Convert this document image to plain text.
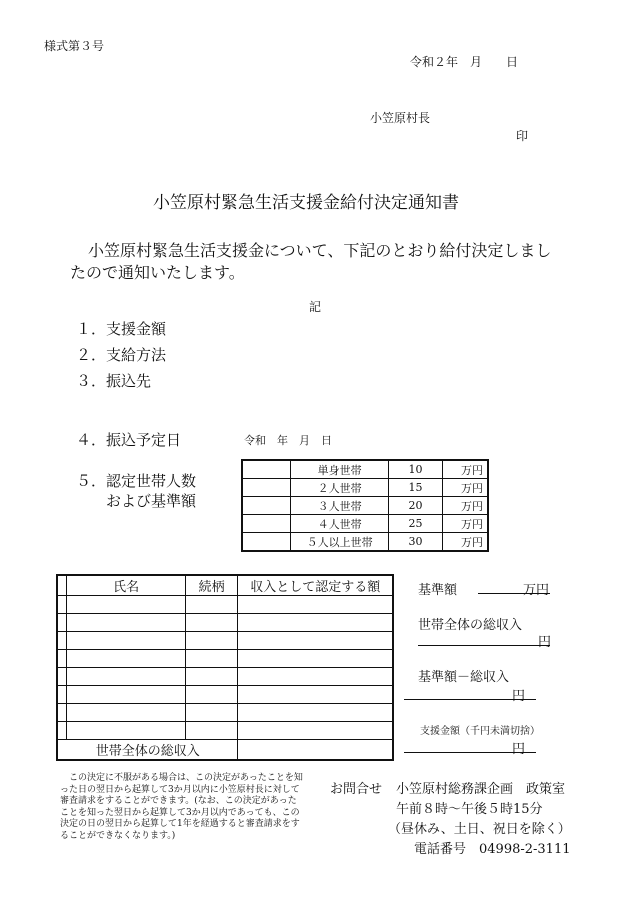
様式第３号
令和２年　月　　日
小笠原村長
印
小笠原村緊急生活支援金給付決定通知書
小笠原村緊急生活支援金について、下記のとおり給付決定しまし
たので通知いたします。
記
１．支援金額
２．支給方法
３．振込先
４．振込予定日	令和　年　月　日
５．認定世帯人数
および基準額
	単身世帯	10	万円
	２人世帯	15	万円
	３人世帯	20	万円
	４人世帯	25	万円
	５人以上世帯	30	万円
	氏名	続柄	収入として認定する額

世帯全体の総収入			
基準額	万円
世帯全体の総収入
円
基準額－総収入
円
支援金額（千円未満切捨）
円
この決定に不服がある場合は、この決定があったことを知った日の翌日から起算して3か月以内に小笠原村長に対して審査請求をすることができます。(なお、この決定があったことを知った翌日から起算して3か月以内であっても、この決定の日の翌日から起算して1年を経過すると審査請求をすることができなくなります。)
お問合せ 小笠原村総務課企画　政策室
午前８時～午後５時15分
（昼休み、土日、祝日を除く）
電話番号　04998-2-3111
